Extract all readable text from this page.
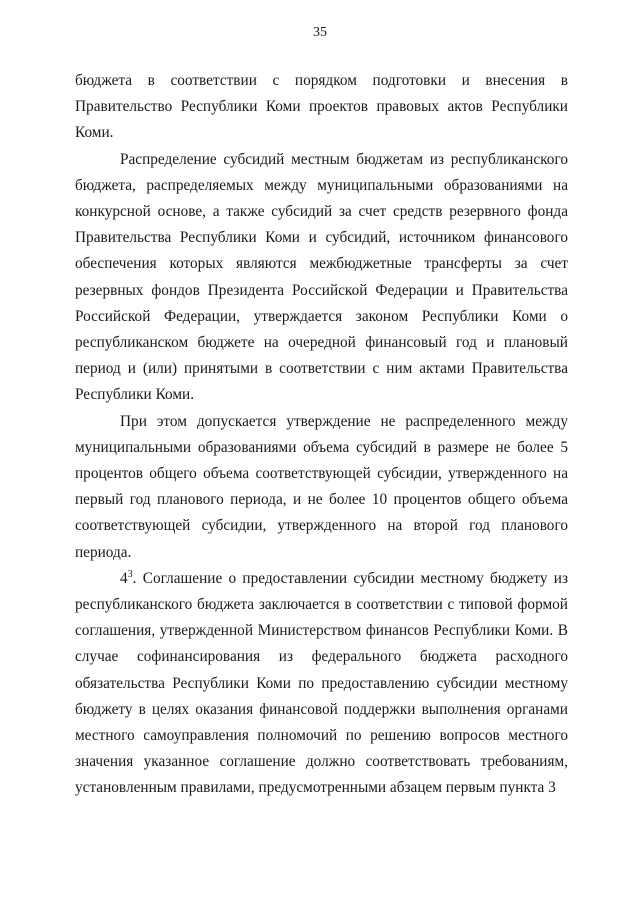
35

бюджета в соответствии с порядком подготовки и внесения в Правительство Республики Коми проектов правовых актов Республики Коми.

Распределение субсидий местным бюджетам из республиканского бюджета, распределяемых между муниципальными образованиями на конкурсной основе, а также субсидий за счет средств резервного фонда Правительства Республики Коми и субсидий, источником финансового обеспечения которых являются межбюджетные трансферты за счет резервных фондов Президента Российской Федерации и Правительства Российской Федерации, утверждается законом Республики Коми о республиканском бюджете на очередной финансовый год и плановый период и (или) принятыми в соответствии с ним актами Правительства Республики Коми.

При этом допускается утверждение не распределенного между муниципальными образованиями объема субсидий в размере не более 5 процентов общего объема соответствующей субсидии, утвержденного на первый год планового периода, и не более 10 процентов общего объема соответствующей субсидии, утвержденного на второй год планового периода.

$4^3$. Соглашение о предоставлении субсидии местному бюджету из республиканского бюджета заключается в соответствии с типовой формой соглашения, утвержденной Министерством финансов Республики Коми. В случае софинансирования из федерального бюджета расходного обязательства Республики Коми по предоставлению субсидии местному бюджету в целях оказания финансовой поддержки выполнения органами местного самоуправления полномочий по решению вопросов местного значения указанное соглашение должно соответствовать требованиям, установленным правилами, предусмотренными абзацем первым пункта 3
